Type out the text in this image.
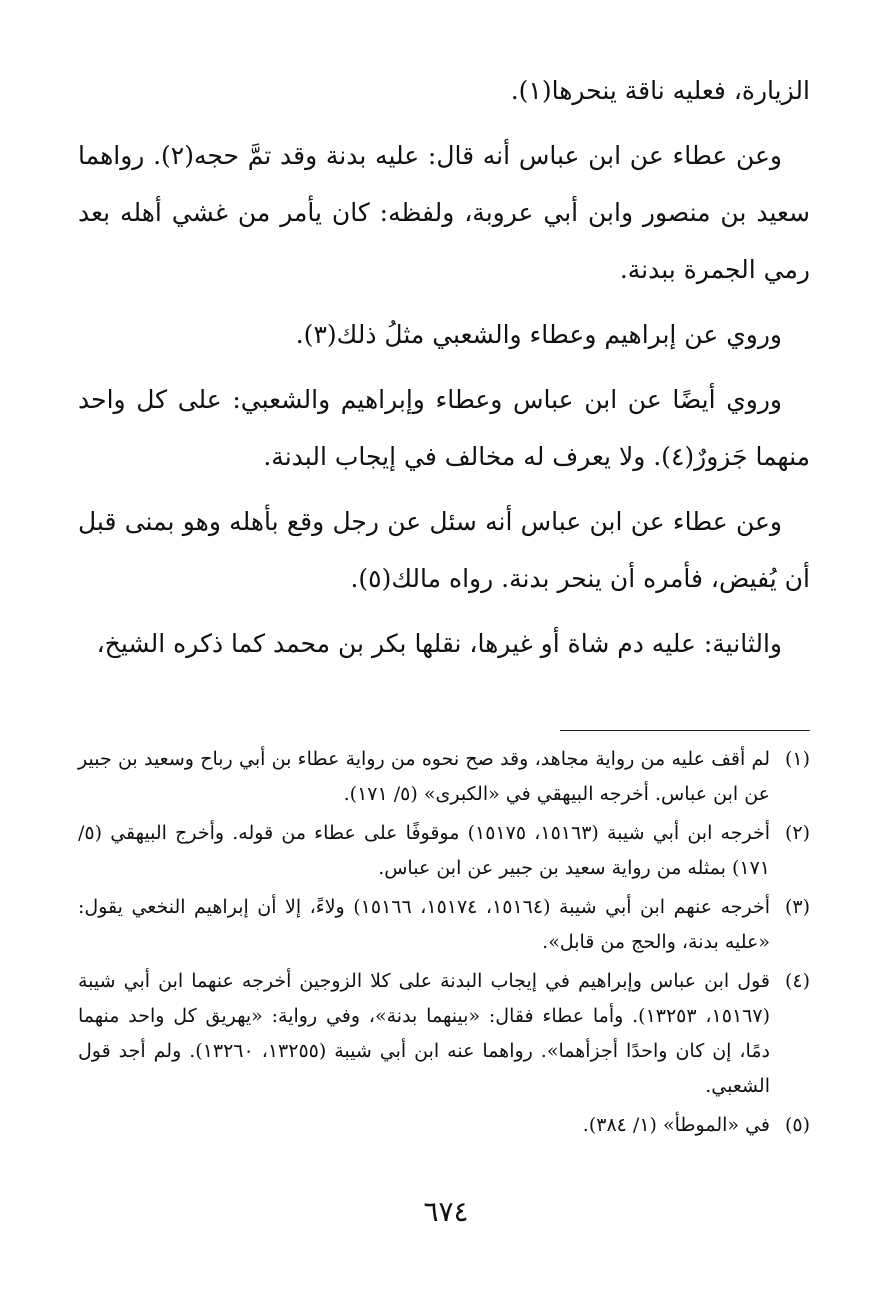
الزيارة، فعليه ناقة ينحرها(١).

وعن عطاء عن ابن عباس أنه قال: عليه بدنة وقد تمَّ حجه(٢). رواهما سعيد بن منصور وابن أبي عروبة، ولفظه: كان يأمر من غشي أهله بعد رمي الجمرة ببدنة.

وروي عن إبراهيم وعطاء والشعبي مثلُ ذلك(٣).

وروي أيضًا عن ابن عباس وعطاء وإبراهيم والشعبي: على كل واحد منهما جَزورٌ(٤). ولا يعرف له مخالف في إيجاب البدنة.

وعن عطاء عن ابن عباس أنه سئل عن رجل وقع بأهله وهو بمنى قبل أن يُفيض، فأمره أن ينحر بدنة. رواه مالك(٥).

والثانية: عليه دم شاة أو غيرها، نقلها بكر بن محمد كما ذكره الشيخ،

(١)
لم أقف عليه من رواية مجاهد، وقد صح نحوه من رواية عطاء بن أبي رباح وسعيد بن جبير عن ابن عباس. أخرجه البيهقي في «الكبرى» (٥/ ١٧١).
(٢)
أخرجه ابن أبي شيبة (١٥١٦٣، ١٥١٧٥) موقوفًا على عطاء من قوله. وأخرج البيهقي (٥/ ١٧١) بمثله من رواية سعيد بن جبير عن ابن عباس.
(٣)
أخرجه عنهم ابن أبي شيبة (١٥١٦٤، ١٥١٧٤، ١٥١٦٦) ولاءً، إلا أن إبراهيم النخعي يقول: «عليه بدنة، والحج من قابل».
(٤)
قول ابن عباس وإبراهيم في إيجاب البدنة على كلا الزوجين أخرجه عنهما ابن أبي شيبة (١٥١٦٧، ١٣٢٥٣). وأما عطاء فقال: «بينهما بدنة»، وفي رواية: «يهريق كل واحد منهما دمًا، إن كان واحدًا أجزأهما». رواهما عنه ابن أبي شيبة (١٣٢٥٥، ١٣٢٦٠). ولم أجد قول الشعبي.
(٥)
في «الموطأ» (١/ ٣٨٤).
٦٧٤
